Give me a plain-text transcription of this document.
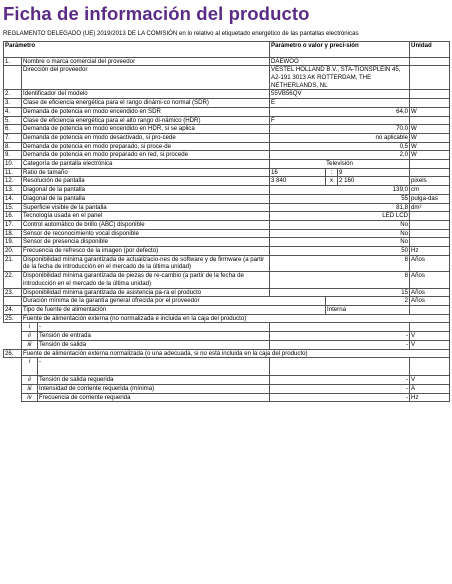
Ficha de información del producto
REGLAMENTO DELEGADO (UE) 2019/2013 DE LA COMISIÓN en lo relativo al etiquetado energético de las pantallas electrónicas
Parámetro			Parámetro o valor y preci-sión			Unidad
1.	Nombre o marca comercial del proveedor		DAEWOO			
	Dirección del proveedor		VESTEL HOLLAND B.V., STA-TIONSPLEIN 45, A2-191 3013 AK ROTTERDAM, THE NETHERLANDS, NL			
2.	Identificador del modelo		55VB56QV			
3.	Clase de eficiencia energética para el rango dinámi-co normal (SDR)		E			
4.	Demanda de potencia en modo encendido en SDR		64,0			W
5.	Clase de eficiencia energética para el alto rango di-námico (HDR)		F			
6.	Demanda de potencia en modo encendido en HDR, si se aplica		70,0			W
7.	Demanda de potencia en modo desactivado, si pro-cede		no aplicable			W
8.	Demanda de potencia en modo preparado, si proce-de		0,5			W
9.	Demanda de potencia en modo preparado en red, si procede		2,0			W
10.	Categoría de pantalla electrónica		Televisión			
11.	Ratio de tamaño		16	:	9	
12.	Resolución de pantalla		3 840	x	2 160	pixels
13.	Diagonal de la pantalla		139,0			cm
14.	Diagonal de la pantalla		55			pulga-das
15.	Superficie visible de la pantalla		81,8			dm²
16.	Tecnología usada en el panel		LED LCD			
17.	Control automático de brillo (ABC) disponible		No			
18.	Sensor de reconocimiento vocal disponible		No			
19.	Sensor de presencia disponible		No			
20.	Frecuencia de refresco de la imagen (por defecto)		50			Hz
21.	Disponibilidad mínima garantizada de actualizacio-nes de software y de firmware (a partir de la fecha de introducción en el mercado de la última unidad)		8			Años
22.	Disponibilidad mínima garantizada de piezas de re-cambio (a partir de la fecha de introducción en el mercado de la última unidad)		8			Años
23.	Disponibilidad mínima garantizada de asistencia pa-ra el producto		15			Años
	Duración mínima de la garantía general ofrecida por el proveedor			2		Años
24.	Tipo de fuente de alimentación			Interna		
25.	Fuente de alimentación externa (no normalizada e incluida en la caja del producto)					
	i	-				
	ii	Tensión de entrada	-			V
	iii	Tensión de salida	-			V
26.	Fuente de alimentación externa normalizada (o una adecuada, si no está incluida en la caja del producto)					
	i	-				
	ii	Tensión de salida requerida	-			V
	iii	Intensidad de corriente requerida (mínima)	-			A
	iv	Frecuencia de corriente requerida	-			Hz
